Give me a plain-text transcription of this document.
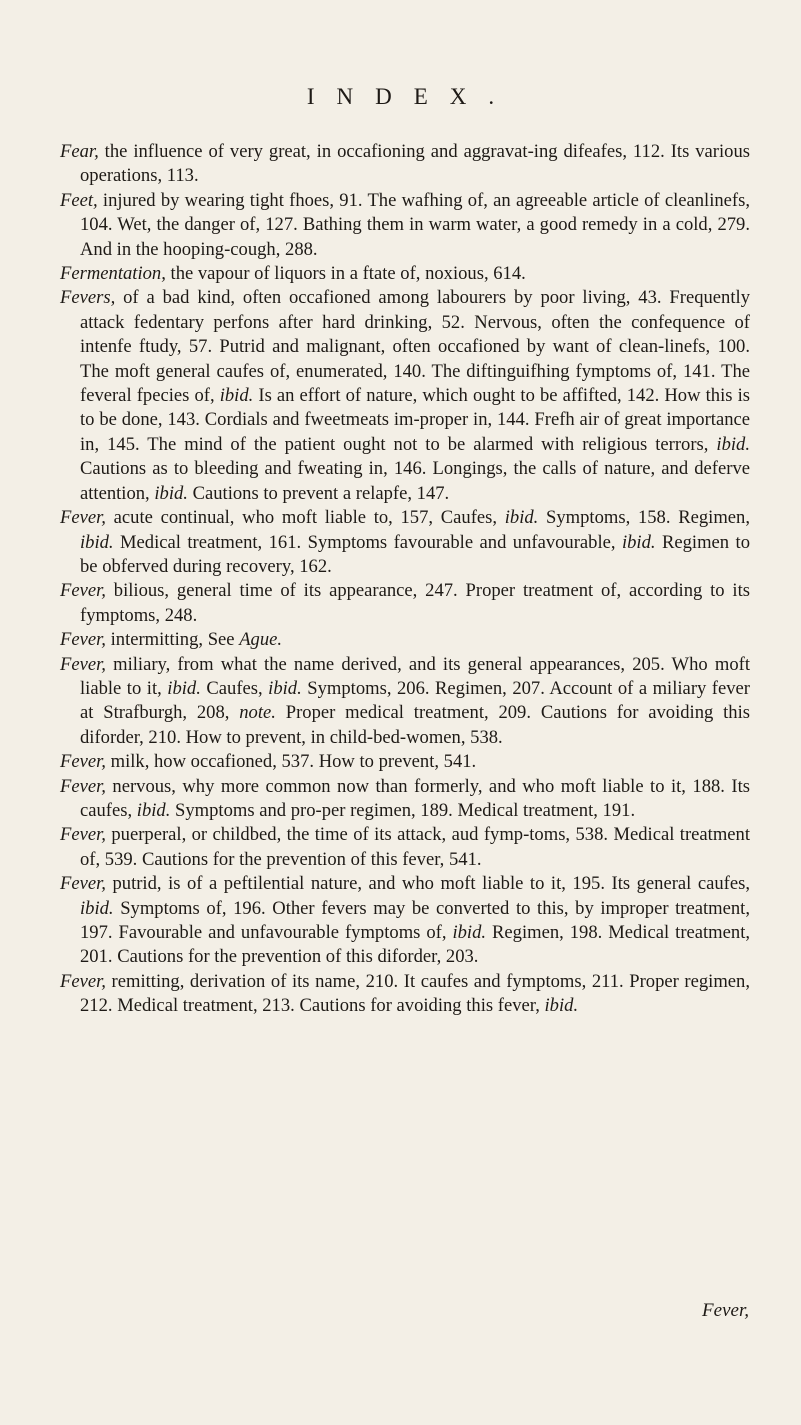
INDEX.

Fear, the influence of very great, in occafioning and aggravat-ing difeafes, 112. Its various operations, 113.

Feet, injured by wearing tight fhoes, 91. The wafhing of, an agreeable article of cleanlinefs, 104. Wet, the danger of, 127. Bathing them in warm water, a good remedy in a cold, 279. And in the hooping-cough, 288.

Fermentation, the vapour of liquors in a ftate of, noxious, 614.

Fevers, of a bad kind, often occafioned among labourers by poor living, 43. Frequently attack fedentary perfons after hard drinking, 52. Nervous, often the confequence of intenfe ftudy, 57. Putrid and malignant, often occafioned by want of clean-linefs, 100. The moft general caufes of, enumerated, 140. The diftinguifhing fymptoms of, 141. The feveral fpecies of, ibid. Is an effort of nature, which ought to be affifted, 142. How this is to be done, 143. Cordials and fweetmeats im-proper in, 144. Frefh air of great importance in, 145. The mind of the patient ought not to be alarmed with religious terrors, ibid. Cautions as to bleeding and fweating in, 146. Longings, the calls of nature, and deferve attention, ibid. Cautions to prevent a relapfe, 147.

Fever, acute continual, who moft liable to, 157, Caufes, ibid. Symptoms, 158. Regimen, ibid. Medical treatment, 161. Symptoms favourable and unfavourable, ibid. Regimen to be obferved during recovery, 162.

Fever, bilious, general time of its appearance, 247. Proper treatment of, according to its fymptoms, 248.

Fever, intermitting, See Ague.

Fever, miliary, from what the name derived, and its general appearances, 205. Who moft liable to it, ibid. Caufes, ibid. Symptoms, 206. Regimen, 207. Account of a miliary fever at Strafburgh, 208, note. Proper medical treatment, 209. Cautions for avoiding this diforder, 210. How to prevent, in child-bed-women, 538.

Fever, milk, how occafioned, 537. How to prevent, 541.

Fever, nervous, why more common now than formerly, and who moft liable to it, 188. Its caufes, ibid. Symptoms and pro-per regimen, 189. Medical treatment, 191.

Fever, puerperal, or childbed, the time of its attack, aud fymp-toms, 538. Medical treatment of, 539. Cautions for the prevention of this fever, 541.

Fever, putrid, is of a peftilential nature, and who moft liable to it, 195. Its general caufes, ibid. Symptoms of, 196. Other fevers may be converted to this, by improper treatment, 197. Favourable and unfavourable fymptoms of, ibid. Regimen, 198. Medical treatment, 201. Cautions for the prevention of this diforder, 203.

Fever, remitting, derivation of its name, 210. It caufes and fymptoms, 211. Proper regimen, 212. Medical treatment, 213. Cautions for avoiding this fever, ibid.

Fever,
